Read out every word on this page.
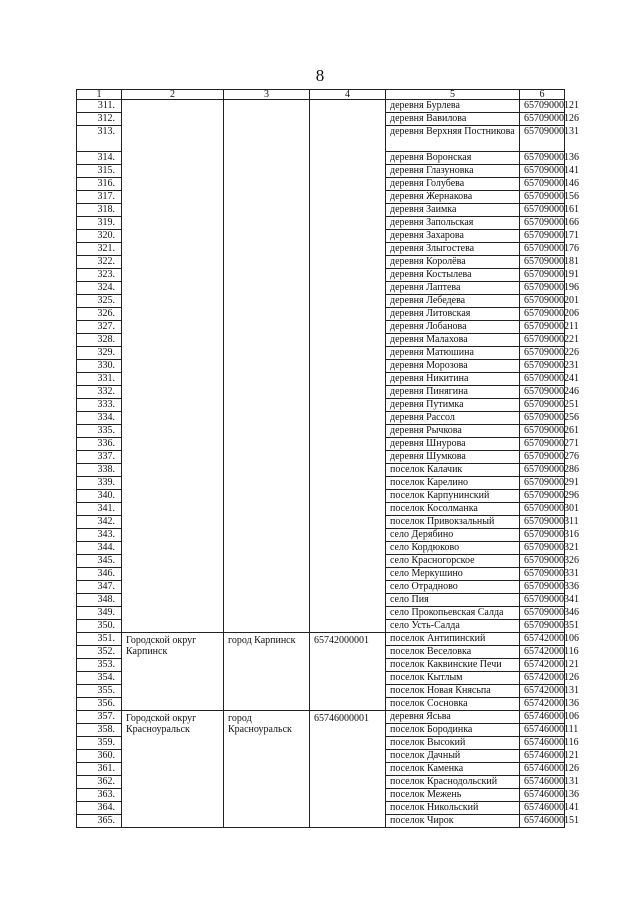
8
1	2	3	4	5	6
311.				деревня Бурлева	65709000121
312.				деревня Вавилова	65709000126
313.				деревня Верхняя Постникова	65709000131
314.				деревня Воронская	65709000136
315.				деревня Глазуновка	65709000141
316.				деревня Голубева	65709000146
317.				деревня Жернакова	65709000156
318.				деревня Заимка	65709000161
319.				деревня Запольская	65709000166
320.				деревня Захарова	65709000171
321.				деревня Злыгостева	65709000176
322.				деревня Королёва	65709000181
323.				деревня Костылева	65709000191
324.				деревня Лаптева	65709000196
325.				деревня Лебедева	65709000201
326.				деревня Литовская	65709000206
327.				деревня Лобанова	65709000211
328.				деревня Малахова	65709000221
329.				деревня Матюшина	65709000226
330.				деревня Морозова	65709000231
331.				деревня Никитина	65709000241
332.				деревня Пинягина	65709000246
333.				деревня Путимка	65709000251
334.				деревня Рассол	65709000256
335.				деревня Рычкова	65709000261
336.				деревня Шнурова	65709000271
337.				деревня Шумкова	65709000276
338.				поселок Калачик	65709000286
339.				поселок Карелино	65709000291
340.				поселок Карпунинский	65709000296
341.				поселок Косолманка	65709000301
342.				поселок Привокзальный	65709000311
343.				село Дерябино	65709000316
344.				село Кордюково	65709000321
345.				село Красногорское	65709000326
346.				село Меркушино	65709000331
347.				село Отрадново	65709000336
348.				село Пия	65709000341
349.				село Прокопьевская Салда	65709000346
350.				село Усть-Салда	65709000351
351.	Городской округ Карпинск	город Карпинск	65742000001	поселок Антипинский	65742000106
352.				поселок Веселовка	65742000116
353.				поселок Каквинские Печи	65742000121
354.				поселок Кытлым	65742000126
355.				поселок Новая Княсьпа	65742000131
356.				поселок Сосновка	65742000136
357.	Городской округ Красноуральск	город Красноуральск	65746000001	деревня Ясьва	65746000106
358.				поселок Бородинка	65746000111
359.				поселок Высокий	65746000116
360.				поселок Дачный	65746000121
361.				поселок Каменка	65746000126
362.				поселок Краснодольский	65746000131
363.				поселок Межень	65746000136
364.				поселок Никольский	65746000141
365.				поселок Чирок	65746000151
